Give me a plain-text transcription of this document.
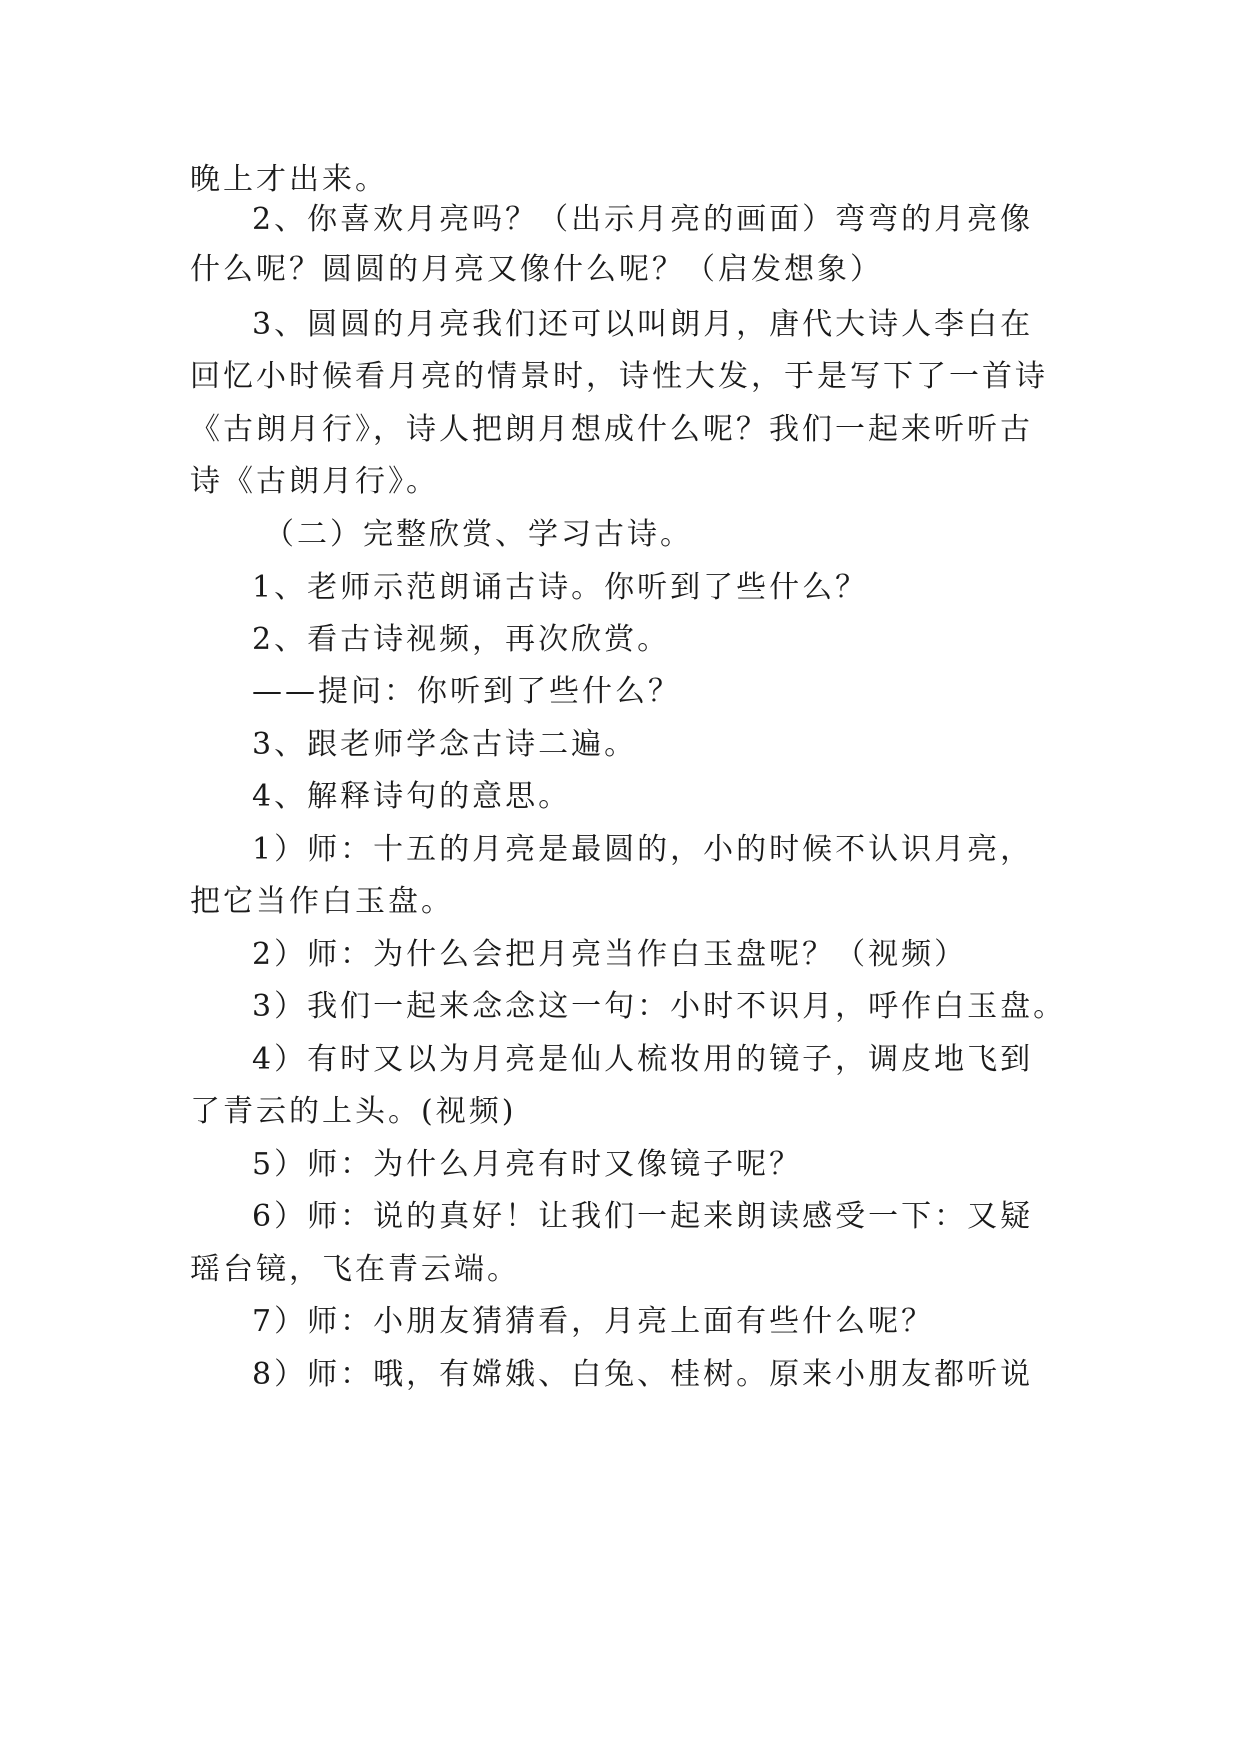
晚上才出来。
2、你喜欢月亮吗？（出示月亮的画面）弯弯的月亮像
什么呢？圆圆的月亮又像什么呢？（启发想象）
3、圆圆的月亮我们还可以叫朗月，唐代大诗人李白在
回忆小时候看月亮的情景时，诗性大发，于是写下了一首诗
《古朗月行》，诗人把朗月想成什么呢？我们一起来听听古
诗《古朗月行》。
（二）完整欣赏、学习古诗。
1、老师示范朗诵古诗。你听到了些什么？
2、看古诗视频，再次欣赏。
——提问：你听到了些什么？
3、跟老师学念古诗二遍。
4、解释诗句的意思。
1）师：十五的月亮是最圆的，小的时候不认识月亮，
把它当作白玉盘。
2）师：为什么会把月亮当作白玉盘呢？（视频）
3）我们一起来念念这一句：小时不识月，呼作白玉盘。
4）有时又以为月亮是仙人梳妆用的镜子，调皮地飞到
了青云的上头。(视频)
5）师：为什么月亮有时又像镜子呢？
6）师：说的真好！让我们一起来朗读感受一下：又疑
瑶台镜，飞在青云端。
7）师：小朋友猜猜看，月亮上面有些什么呢？
8）师：哦，有嫦娥、白兔、桂树。原来小朋友都听说
